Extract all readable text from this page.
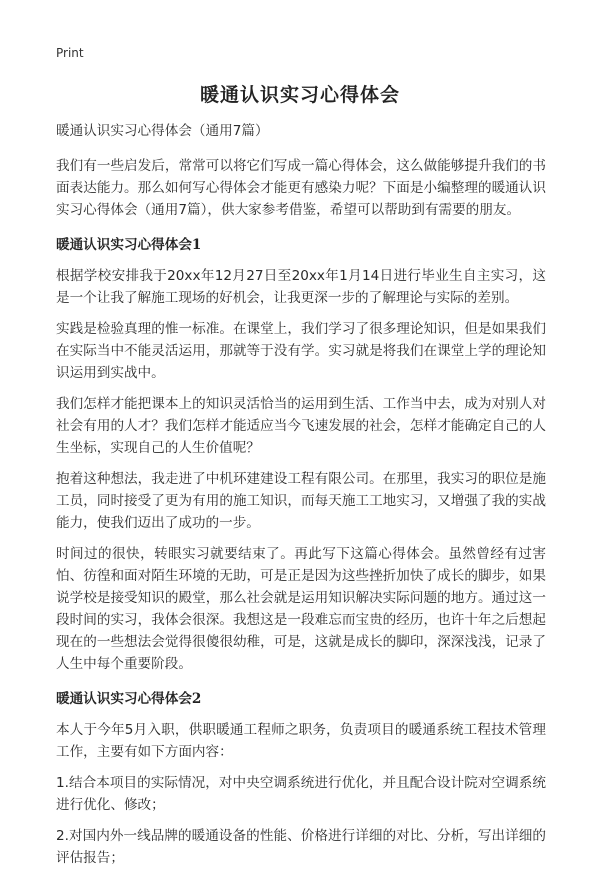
Print
暖通认识实习心得体会

暖通认识实习心得体会（通用7篇）

我们有一些启发后，常常可以将它们写成一篇心得体会，这么做能够提升我们的书面表达能力。那么如何写心得体会才能更有感染力呢？下面是小编整理的暖通认识实习心得体会（通用7篇），供大家参考借鉴，希望可以帮助到有需要的朋友。

暖通认识实习心得体会1

根据学校安排我于20xx年12月27日至20xx年1月14日进行毕业生自主实习，这是一个让我了解施工现场的好机会，让我更深一步的了解理论与实际的差别。

实践是检验真理的惟一标准。在课堂上，我们学习了很多理论知识，但是如果我们在实际当中不能灵活运用，那就等于没有学。实习就是将我们在课堂上学的理论知识运用到实战中。

我们怎样才能把课本上的知识灵活恰当的运用到生活、工作当中去，成为对别人对社会有用的人才？我们怎样才能适应当今飞速发展的社会，怎样才能确定自己的人生坐标，实现自己的人生价值呢？

抱着这种想法，我走进了中机环建建设工程有限公司。在那里，我实习的职位是施工员，同时接受了更为有用的施工知识，而每天施工工地实习，又增强了我的实战能力，使我们迈出了成功的一步。

时间过的很快，转眼实习就要结束了。再此写下这篇心得体会。虽然曾经有过害怕、彷徨和面对陌生环境的无助，可是正是因为这些挫折加快了成长的脚步，如果说学校是接受知识的殿堂，那么社会就是运用知识解决实际问题的地方。通过这一段时间的实习，我体会很深。我想这是一段难忘而宝贵的经历，也许十年之后想起现在的一些想法会觉得很傻很幼稚，可是，这就是成长的脚印，深深浅浅，记录了人生中每个重要阶段。

暖通认识实习心得体会2

本人于今年5月入职，供职暖通工程师之职务，负责项目的暖通系统工程技术管理工作，主要有如下方面内容：

1.结合本项目的实际情况，对中央空调系统进行优化，并且配合设计院对空调系统进行优化、修改；

2.对国内外一线品牌的暖通设备的性能、价格进行详细的对比、分析，写出详细的评估报告；
